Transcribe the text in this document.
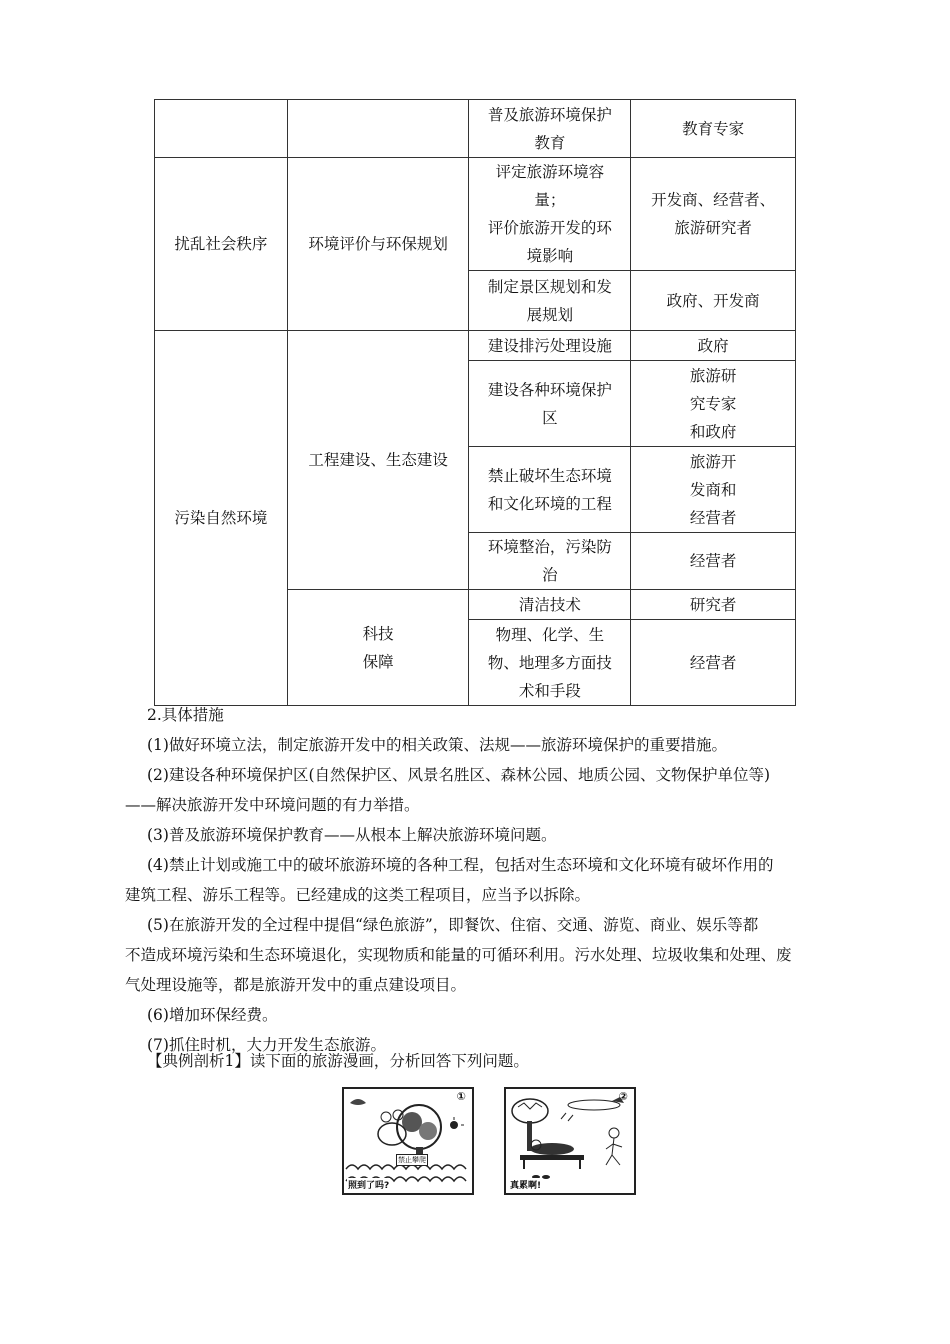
		普及旅游环境保护
教育	教育专家
扰乱社会秩序	环境评价与环保规划	评定旅游环境容
量；
评价旅游开发的环
境影响	开发商、经营者、
旅游研究者
		制定景区规划和发
展规划	政府、开发商
污染自然环境	工程建设、生态建设	建设排污处理设施	政府
		建设各种环境保护
区	旅游研
究专家
和政府
		禁止破坏生态环境
和文化环境的工程	旅游开
发商和
经营者
		环境整治，污染防
治	经营者
	科技
保障	清洁技术	研究者
		物理、化学、生
物、地理多方面技
术和手段	经营者

2.具体措施

(1)做好环境立法，制定旅游开发中的相关政策、法规——旅游环境保护的重要措施。

(2)建设各种环境保护区(自然保护区、风景名胜区、森林公园、地质公园、文物保护单位等)

——解决旅游开发中环境问题的有力举措。

(3)普及旅游环境保护教育——从根本上解决旅游环境问题。

(4)禁止计划或施工中的破坏旅游环境的各种工程，包括对生态环境和文化环境有破坏作用的

建筑工程、游乐工程等。已经建成的这类工程项目，应当予以拆除。

(5)在旅游开发的全过程中提倡“绿色旅游”，即餐饮、住宿、交通、游览、商业、娱乐等都

不造成环境污染和生态环境退化，实现物质和能量的可循环利用。污水处理、垃圾收集和处理、废

气处理设施等，都是旅游开发中的重点建设项目。

(6)增加环保经费。

(7)抓住时机，大力开发生态旅游。

【典例剖析1】读下面的旅游漫画，分析回答下列问题。

①
禁止攀爬
照到了吗?
②
真累啊!
